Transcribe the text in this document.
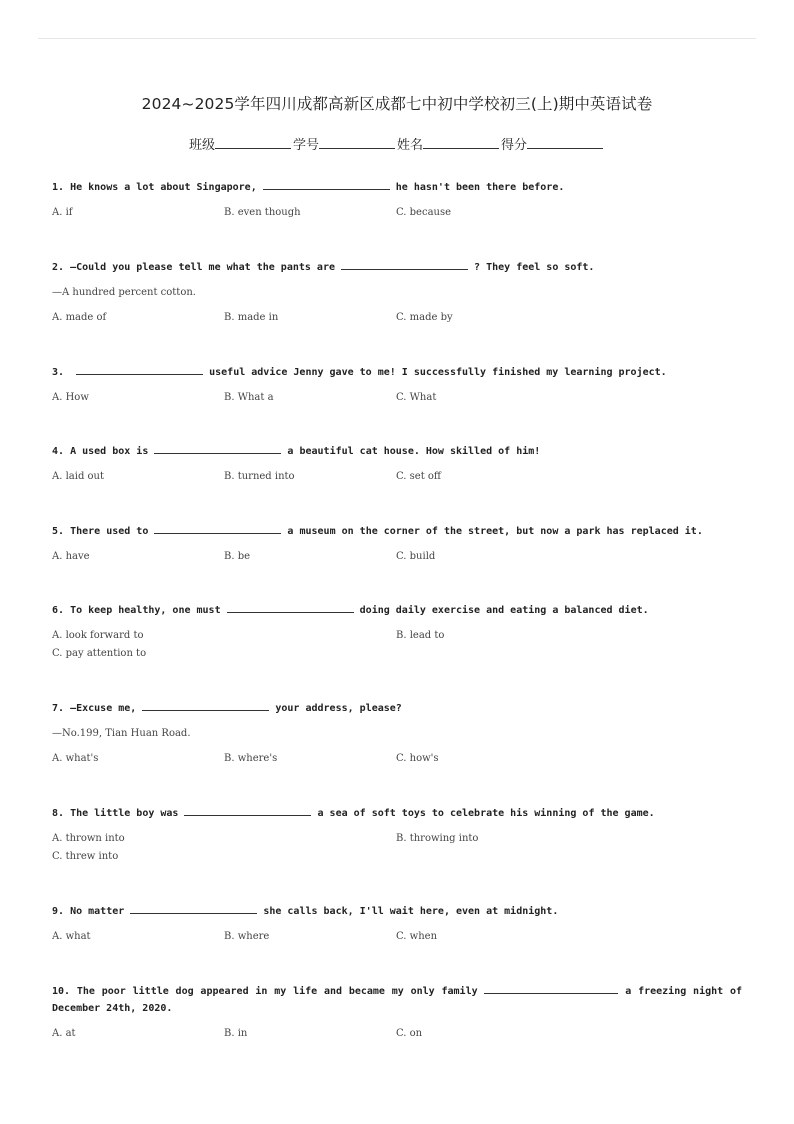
2024~2025学年四川成都高新区成都七中初中学校初三(上)期中英语试卷
班级	学号	姓名	得分
1. He knows a lot about Singapore,	he hasn't been there before.
A. if	B. even though	C. because
2. —Could you please tell me what the pants are	? They feel so soft.
—A hundred percent cotton.
A. made of	B. made in	C. made by
3.	useful advice Jenny gave to me! I successfully finished my learning project.
A. How	B. What a	C. What
4. A used box is	a beautiful cat house. How skilled of him!
A. laid out	B. turned into	C. set off
5. There used to	a museum on the corner of the street, but now a park has replaced it.
A. have	B. be	C. build
6. To keep healthy, one must	doing daily exercise and eating a balanced diet.
A. look forward to	B. lead to
C. pay attention to
7. —Excuse me,	your address, please?
—No.199, Tian Huan Road.
A. what's	B. where's	C. how's
8. The little boy was	a sea of soft toys to celebrate his winning of the game.
A. thrown into	B. throwing into
C. threw into
9. No matter	she calls back, I'll wait here, even at midnight.
A. what	B. where	C. when
10. The poor little dog appeared in my life and became my only family	a freezing night of December 24th, 2020.
A. at	B. in	C. on
